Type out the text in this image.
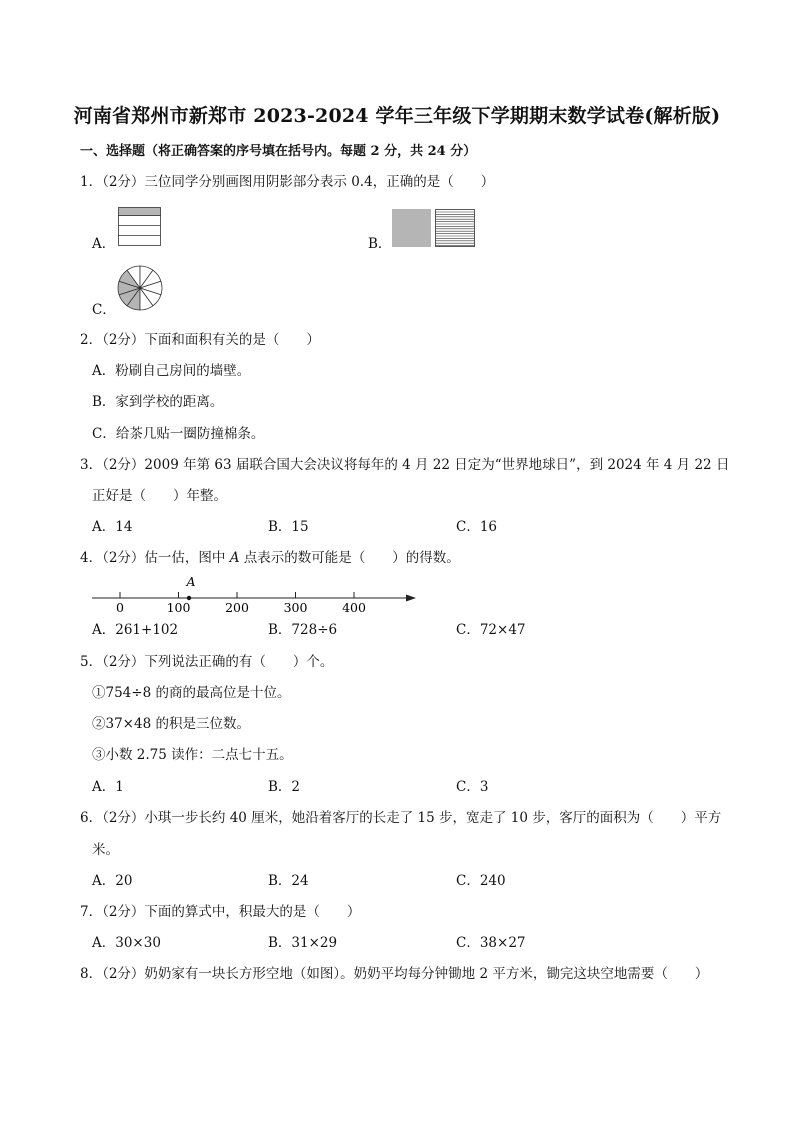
河南省郑州市新郑市 2023-2024 学年三年级下学期期末数学试卷(解析版)
一、选择题（将正确答案的序号填在括号内。每题 2 分，共 24 分）
1．（2分）三位同学分别画图用阴影部分表示 0.4，正确的是（　　）
A．	B．
C．
2．（2分）下面和面积有关的是（　　）
A．粉刷自己房间的墙壁。
B．家到学校的距离。
C．给茶几贴一圈防撞棉条。
3．（2分）2009 年第 63 届联合国大会决议将每年的 4 月 22 日定为“世界地球日”，到 2024 年 4 月 22 日
正好是（　　）年整。
A．14	B．15	C．16
4．（2分）估一估，图中 A 点表示的数可能是（　　）的得数。
0	100	200	300	400
A
A．261+102	B．728÷6	C．72×47
5．（2分）下列说法正确的有（　　）个。
①754÷8 的商的最高位是十位。
②37×48 的积是三位数。
③小数 2.75 读作：二点七十五。
A．1	B．2	C．3
6．（2分）小琪一步长约 40 厘米，她沿着客厅的长走了 15 步，宽走了 10 步，客厅的面积为（　　）平方
米。
A．20	B．24	C．240
7．（2分）下面的算式中，积最大的是（　　）
A．30×30	B．31×29	C．38×27
8．（2分）奶奶家有一块长方形空地（如图）。奶奶平均每分钟锄地 2 平方米，锄完这块空地需要（　　）
